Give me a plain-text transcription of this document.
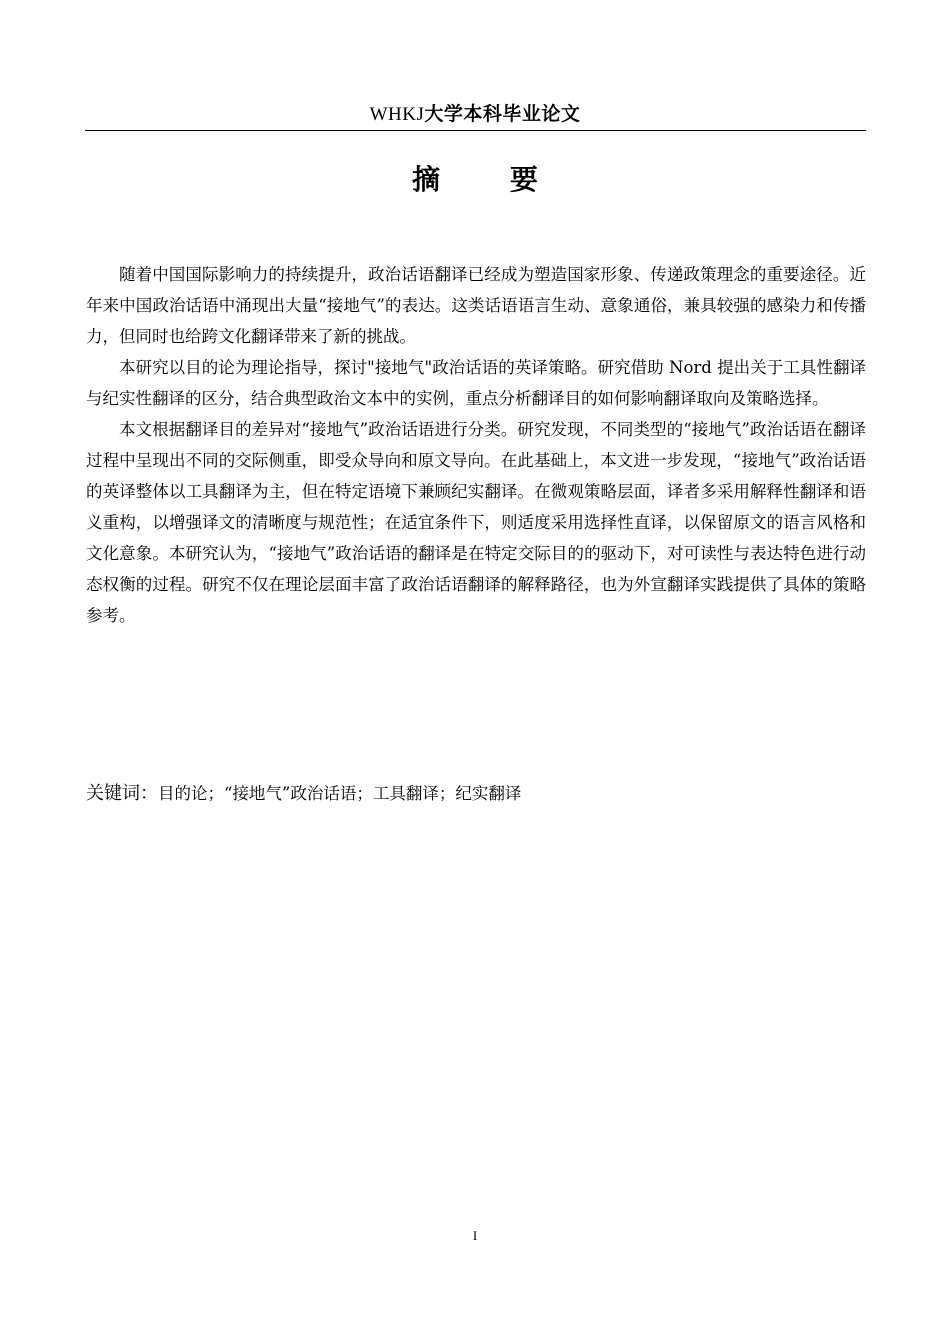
WHKJ大学本科毕业论文
摘 要

随着中国国际影响力的持续提升，政治话语翻译已经成为塑造国家形象、传递政策理念的重要途径。近年来中国政治话语中涌现出大量“接地气”的表达。这类话语语言生动、意象通俗，兼具较强的感染力和传播力，但同时也给跨文化翻译带来了新的挑战。

本研究以目的论为理论指导，探讨"接地气"政治话语的英译策略。研究借助 Nord 提出关于工具性翻译与纪实性翻译的区分，结合典型政治文本中的实例，重点分析翻译目的如何影响翻译取向及策略选择。

本文根据翻译目的差异对“接地气”政治话语进行分类。研究发现，不同类型的“接地气”政治话语在翻译过程中呈现出不同的交际侧重，即受众导向和原文导向。在此基础上，本文进一步发现，“接地气”政治话语的英译整体以工具翻译为主，但在特定语境下兼顾纪实翻译。在微观策略层面，译者多采用解释性翻译和语义重构，以增强译文的清晰度与规范性；在适宜条件下，则适度采用选择性直译，以保留原文的语言风格和文化意象。本研究认为，“接地气”政治话语的翻译是在特定交际目的的驱动下，对可读性与表达特色进行动态权衡的过程。研究不仅在理论层面丰富了政治话语翻译的解释路径，也为外宣翻译实践提供了具体的策略参考。

关键词：目的论；“接地气”政治话语；工具翻译；纪实翻译
I
